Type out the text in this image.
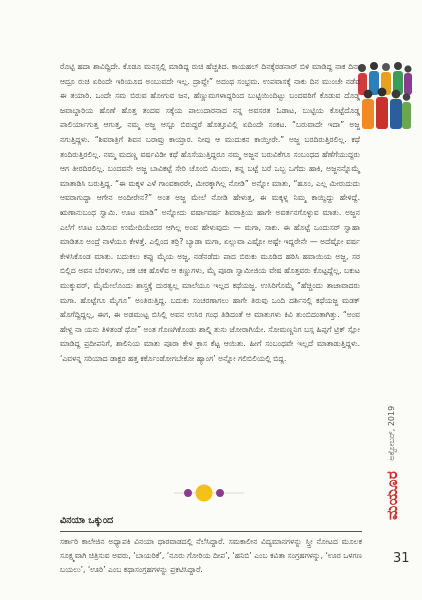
ರೊಟ್ಟಿ ಹದಾ ಶಾವಿದ್ದಿದೇ. ಕೊಡೂ ಮನಸ್ಸಲ್ಲಿ ಮಾಡಿದ್ದ ರುಚಿ ಹೆಚ್ಚತಿದ. ಕಾಯಹಲ್ ದಿನಕ್ಕೆರಡನಾರ್ ಬಿಳಿ ಮಾಡಿದ್ದ ನಾಕ ದಿನಾ ಆದ್ರೂ ರುಚಿ ಏರಿಂದೇ ಇರಿಯೂದ ಅಂಬುವದೇ ಇಲ್ಲ. ದ್ರಾವ್ದೇ” ಅದಂಥ ಸಂಭ್ರಮ. ಉಪವಾಸಕ್ಕೆ ನಾಕು ದಿನ ಮುಂಚೇ ನಡೆವ ಈ ತಯಾರಿ. ಒಂದೇ ಸಮ ಬಿರುವ ಹೋಗುವ ಜನ, ಹೆಣ್ಣುಮಗಳಾದ್ದರಿಂದ ಬುಟ್ಟಿಯಿಂದಿಟ್ಟು ಬಂದವರಿಗೆ ಕೊಡುವ ದೊಡ್ಡ ಜವಾಬ್ದಾರಿಯ ಹೊಣೆ ಹೊತ್ತ ತಂದವ ಸಕ್ಕೆಯ ಪಾಲುದಾರನಾದ ನನ್ನ ಅವಸರತ ಓಡಾಟ, ಬುಟ್ಟಿಯ ಕೊಟ್ಟೆದೊಡ್ಡ ಪಾಲಿರ್ಯಾಗುತ್ತ ಆಗುತ್ತ, ನಮ್ಮ ಅಜ್ಜ ಆಸ್ಟೂ ಬಿರುದ್ದರೆ ಹೊತ್ತೂವಿಲ್ಲಿ ಏದಿಂದೇ ಸಂಕಟ. “ಬರುವಾದೇ ಇದಾ” ಅಜ್ಜ ನಗುತ್ತಿದ್ದಳು. “ಶಿವರಾತ್ರಿಗೆ ಶಿವನ ಬರಾವ್ರು ಕಾಯ್ತಾರ. ನೀವು ಆ ಮುದುಕನ ಕಾಯ್ತೀರೇ.” ಅಜ್ಜ ಬರದಿರುತ್ತಿರಲಿಲ್ಲ. ಕಥೆ ತಂದಿರುತ್ತಿರಲಿಲ್ಲ. ನಮ್ಮ ಮದಣ್ಣ ವರ್ಷವಿಡೀ ಕಥೆ ಹೊಸೆಯುತ್ತಿದ್ದರೂ ನಮ್ಮ ಅಜ್ಜನ ಬರುವಿಕೆಗೂ ಸಂಬಂಧದ ಹೆಣೆಗೆಯುದ್ದರು ಆಗ ತೀರದಿರಲಿಲ್ಲ. ಬಂದವನೇ ಅಜ್ಜ ಬಾವಿಕಟ್ಟೆ ಸೇರಿ ಚೊಂಬಿ ಮಿಂದು, ತನ್ನ ಬಟ್ಟೆ ಬರೆ ಒಬ್ಬ ಒಗೆದು ಹಾಕಿ, ಅಜ್ಜನನ್ನೊಮ್ಮೆ ಮಾತಾಡಿಸಿ ಬರುತ್ತಿದ್ದ. “ಈ ಮಕ್ಕಳ ಎಳೆ ಗಾಂವಕಾರರೇ, ಮೀರಕ್ಕಾಗಿಲ್ಲ ನೋಡಿ” ಅನ್ನೋ ಮಾತು, “ಹೂಂ, ಎಲ್ಲ ಮೀರುದುದು ಆವರಾಗುದ್ದಾ ಆಗೇನ ಅಂದೀರೇನ?” ಅಂತ ಅಜ್ಜ ಮೇಲೆ ನೋಡಿ ಹೇಳುತ್ತ, ಈ ಮಕ್ಕಳ್ನ ನಿಮ್ಮ ಕಾಯ್ದಿದ್ದು ಹೇಳಿದ್ದೆ. ಋಣಾನುಬಂಧ ಸ್ವಾಮಿ. ಊಟ ಮಾಡಿ” ಅನ್ನೋದು ವರ್ಷಾವರ್ಷ ಶಿವರಾತ್ರಿಯ ಹಾಗೇ ಅವರ್ತನಗೊಳ್ಳುವ ಮಾತು. ಅಜ್ಜನ ಎಲೆಗೆ ಊಟ ಬಡಿಸುವ ಉಮೇದಿಯೇದರ ಆಗಿಲ್ಲ ಅಂವ ಹೇಳುವುದು — ಮಗಾ, ಸಾಕು. ಈ ಹೊಟ್ಟೆ ಒಂದುಸರ್ ಸ್ವಾಹಾ ಮಾಡಿತೂ ಅಂದ್ರೆ ನಾಳೆಯೂ ಕೇಳತ್ತೆ. ಎಲ್ಲಿಂದ ತರ್ರಿ? ಬ್ಯಾಡಾ ಮಗಾ, ಏಲ್ಲುವಾ ಎಷ್ಟೋ ಅಷ್ಟೇ ಇದ್ದರೇನೇ — ಅದೆಷ್ಟೋ ವರ್ಷ ಕೇಳಿಸಿಕೊಂಡ ಮಾತು. ಬದುಕಲು ಕಪ್ಪು ಮೈಯ ಅಜ್ಜ, ನಡೆನಡೆದು ಪಾದ ಬಿರುಕು ಮೂಡಿದ ಹಠಿಸಿ ಹವಾಯಿಯ ಅಜ್ಜ, ಸರ ಬಿಲ್ಲಿದ ಅವನ ಬೆರಳುಗಳು, ಚಕ ಚಕ ಹೊಳೆವ ಆ ಕಣ್ಣುಗಳು, ಮೈ ಪೂರಾ ಸ್ವಾಮೀಜಿಯ ವೇಷ ಹೊತ್ತವರು ಕೊಟ್ಟದ್ದೆಲ್ಲ, ಬಕುಟ ಮುಕ್ಕುವರ್, ಮೈಮೇಲೊಂದು ಶಾಸ್ತ್ರಕ್ಕೆ ದುರತ್ವಲ್ಲ ಮಾಲೆಯೂ ಇಲ್ಲದ ಕಥೆಯಜ್ಜ. ಉಸಿರಿಗೊಮ್ಮೆ “ಹೆಚ್ಚಿಂದು ತಾಜಾವಾದರು ಮಗಾ. ಹೊಟ್ಟೆಗೂ ಮೈಗೂ” ಅಂತಿರುತ್ತಿದ್ದ. ಬದುಕು ಸಂಚರಣಾಗಲು ಹಾಗೇ ತಿರುವು ಒಂದಿ ದರ್ಶಿನಲ್ಲಿ ಕಥೆಯಜ್ಜ ಮಡಕ್ ಹೊಗೆದ್ದಿದ್ದಲ್ಲ, ಈಗ, ಈ ಅಡಮುಟ್ಟ ಬಿಸಿಲ್ಲಿ ಅವನ ಉಸಿರ ಗಂಧ ತಿಡಿದಂತೆ ಆ ಮಾತುಗಳು ಕಿವಿ ತುಂಬಿದಂತಾಗಿತ್ತು. “ಅಂವ ಹೇಳ್ದ ನಾ ಯನು ತಿಳಿತಂಡೆ ಥೋ” ಅಂತ ಗೊಣಗಿಕೊಂಡು ಶಾಲ್ನಿ ತುಸು ಜೋರಾಗಿಯೇ. ಸೋಮಣ್ಣನಿಗ ಬಸ್ಸ ಹಿಪ್ಪಗೆ ಟ್ರಿಕ್ ಸ್ಲೋ ಮಾಡಿದ್ದ ಪ್ರದೀಪನಿಗೆ, ಶಾಲಿನಿಯ ಮಾತು ಪೂರಾ ಕೇಳಿ ಕ್ರಾಸ ಕೆಟ್ಟ ಆಯಿತು. ಹೀಗೆ ಸಂಬಂಧವೇ ಇಲ್ಲದೆ ಮಾತಾಡುತ್ತಿದ್ದಳು. ‘ಎವಳನ್ನ ಸರಿಯಾದ ಡಾಕ್ಟರ ಹತ್ತ ಕರ್ಕೊಂಡೋಗಬೇಕೋ ಹ್ಯಾಂಗ’ ಅನ್ನೋ ಗಲಿಬಿಲಿಯಲ್ಲಿ ಬಿದ್ದ.

ವಿನಯಾ ಒಕ್ಕುಂದ
ಸರ್ಕಾರಿ ಕಾಲೇಜಿನ ಅಧ್ಯಾಪಕಿ ವಿನಯಾ ಧಾರವಾಡದಲ್ಲಿ ನೆಲೆಸಿದ್ದಾರೆ. ಸಮಕಾಲೀನ ವಿದ್ಯಮಾನಗಳನ್ನು ಸ್ತ್ರೀ ನೋಟದ ಮೂಲಕ ಸೂಕ್ಷ್ಮವಾಗಿ ಚಿತ್ರಿಸುವ ಅವರು, ‘ಬಾಯರಿಕೆ’, ‘ನೂರು ಗೋರಿಯ ದೀಪ’, ‘ಹನಿಬಿ’ ಎಂಬ ಕವಿತಾ ಸಂಗ್ರಹಗಳನ್ನು, ‘ಊರ ಒಳಗಣ ಬಯಲು’, ‘ಊರಿ’ ಎಂಬ ಕಥಾಸಂಗ್ರಹಗಳನ್ನು ಪ್ರಕಟಿಸಿದ್ದಾರೆ.
ಮಯೂರ
ಅಕ್ಟೋಬರ್, 2019
31
